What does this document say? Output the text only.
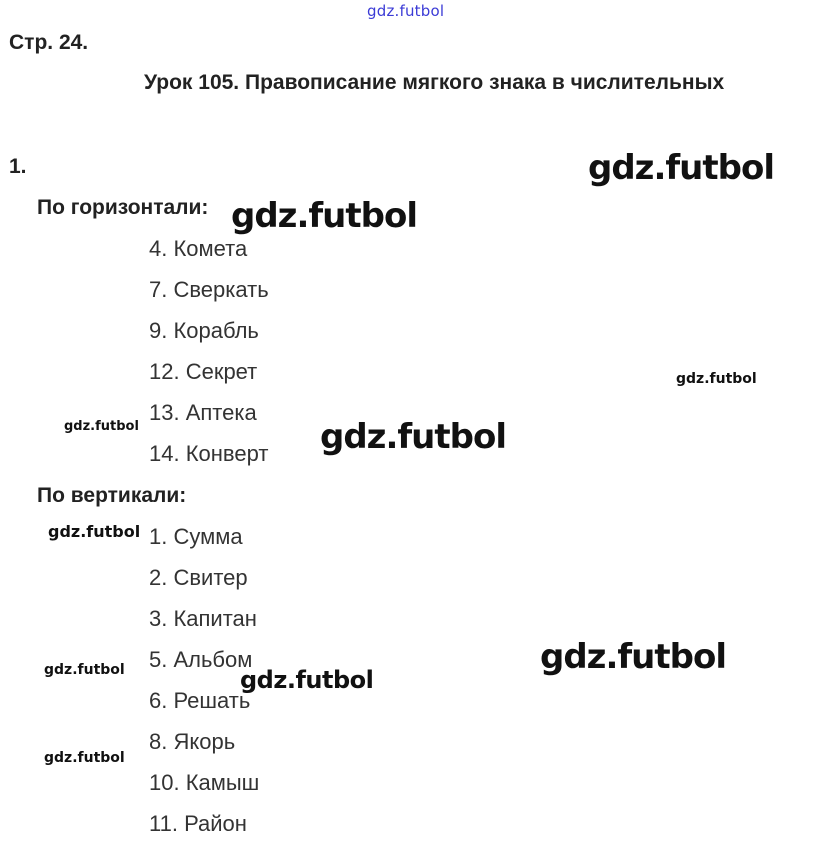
gdz.futbol
Стр. 24.
Урок 105. Правописание мягкого знака в числительных
1.
По горизонтали:
4. Комета
7. Сверкать
9. Корабль
12. Секрет
13. Аптека
14. Конверт
По вертикали:
1. Сумма
2. Свитер
3. Капитан
5. Альбом
6. Решать
8. Якорь
10. Камыш
11. Район
gdz.futbol
gdz.futbol
gdz.futbol
gdz.futbol
gdz.futbol
gdz.futbol
gdz.futbol
gdz.futbol	gdz.futbol
gdz.futbol
